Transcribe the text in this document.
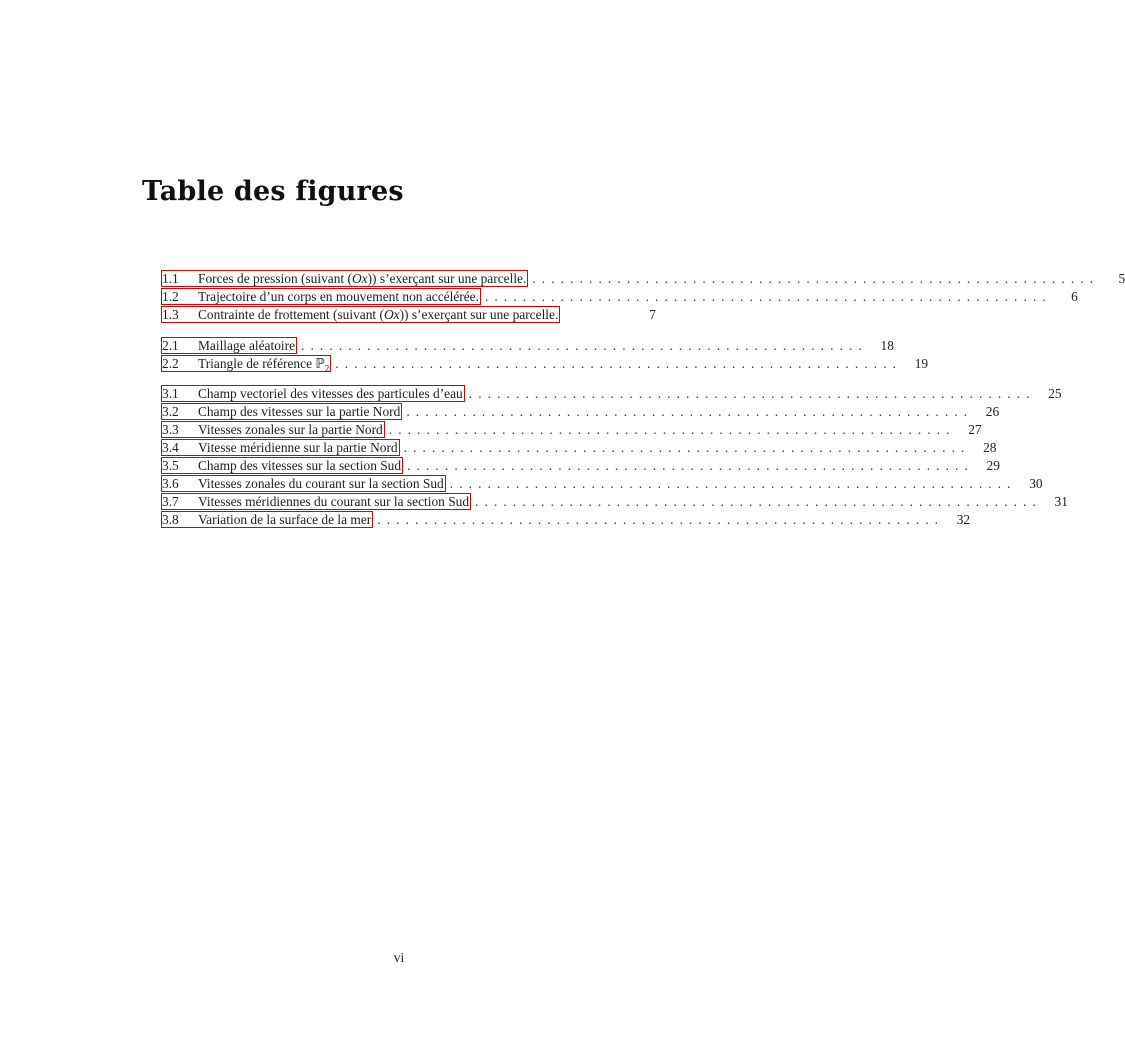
Table des figures
1.1	Forces de pression (suivant (Ox)) s’exerçant sur une parcelle. ............................................................	5
1.2	Trajectoire d’un corps en mouvement non accélérée. ............................................................	6
1.3	Contrainte de frottement (suivant (Ox)) s’exerçant sur une parcelle.	7
2.1	Maillage aléatoire ............................................................ 18
2.2	Triangle de référence ℙ$_2$ ............................................................ 19
3.1	Champ vectoriel des vitesses des particules d’eau ............................................................ 25
3.2	Champ des vitesses sur la partie Nord ............................................................ 26
3.3	Vitesses zonales sur la partie Nord ............................................................ 27
3.4	Vitesse méridienne sur la partie Nord ............................................................ 28
3.5	Champ des vitesses sur la section Sud ............................................................ 29
3.6	Vitesses zonales du courant sur la section Sud ............................................................ 30
3.7	Vitesses méridiennes du courant sur la section Sud ............................................................ 31
3.8	Variation de la surface de la mer ............................................................ 32
vi
